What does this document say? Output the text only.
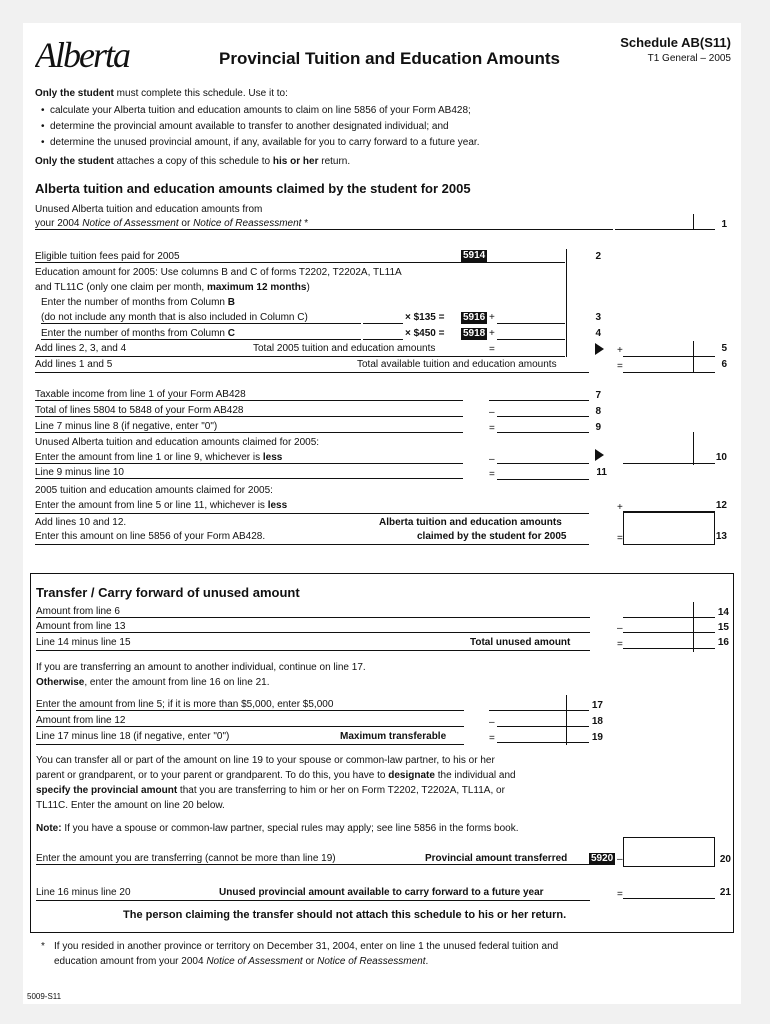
Alberta	Provincial Tuition and Education Amounts
Schedule AB(S11)
T1 General – 2005
Only the student must complete this schedule. Use it to:
• calculate your Alberta tuition and education amounts to claim on line 5856 of your Form AB428;
• determine the provincial amount available to transfer to another designated individual; and
• determine the unused provincial amount, if any, available for you to carry forward to a future year.
Only the student attaches a copy of this schedule to his or her return.
Alberta tuition and education amounts claimed by the student for 2005
Unused Alberta tuition and education amounts from
your 2004 Notice of Assessment or Notice of Reassessment *	1
Eligible tuition fees paid for 2005	5914	2
Education amount for 2005: Use columns B and C of forms T2202, T2202A, TL11A
and TL11C (only one claim per month, maximum 12 months)
Enter the number of months from Column B
(do not include any month that is also included in Column C)	× $135 = 5916 +	3
Enter the number of months from Column C	× $450 = 5918 +	4
Add lines 2, 3, and 4	Total 2005 tuition and education amounts	=	+	5
Add lines 1 and 5	Total available tuition and education amounts	=	6
Taxable income from line 1 of your Form AB428	7
Total of lines 5804 to 5848 of your Form AB428	–	8
Line 7 minus line 8 (if negative, enter "0")	=	9
Unused Alberta tuition and education amounts claimed for 2005:
Enter the amount from line 1 or line 9, whichever is less	–	10
Line 9 minus line 10	=	11
2005 tuition and education amounts claimed for 2005:
Enter the amount from line 5 or line 11, whichever is less	+	12
Add lines 10 and 12.
Enter this amount on line 5856 of your Form AB428.
Alberta tuition and education amounts
claimed by the student for 2005	=	13
Transfer / Carry forward of unused amount
Amount from line 6	14
Amount from line 13	–	15
Line 14 minus line 15	Total unused amount	=	16
If you are transferring an amount to another individual, continue on line 17.
Otherwise, enter the amount from line 16 on line 21.
Enter the amount from line 5; if it is more than $5,000, enter $5,000	17
Amount from line 12	–	18
Line 17 minus line 18 (if negative, enter "0")	Maximum transferable	=	19
You can transfer all or part of the amount on line 19 to your spouse or common-law partner, to his or her
parent or grandparent, or to your parent or grandparent. To do this, you have to designate the individual and
specify the provincial amount that you are transferring to him or her on Form T2202, T2202A, TL11A, or
TL11C. Enter the amount on line 20 below.
Note: If you have a spouse or common-law partner, special rules may apply; see line 5856 in the forms book.
Enter the amount you are transferring (cannot be more than line 19)	Provincial amount transferred 5920 –	20
Line 16 minus line 20	Unused provincial amount available to carry forward to a future year	=	21
The person claiming the transfer should not attach this schedule to his or her return.
* If you resided in another province or territory on December 31, 2004, enter on line 1 the unused federal tuition and
education amount from your 2004 Notice of Assessment or Notice of Reassessment.
5009-S11
